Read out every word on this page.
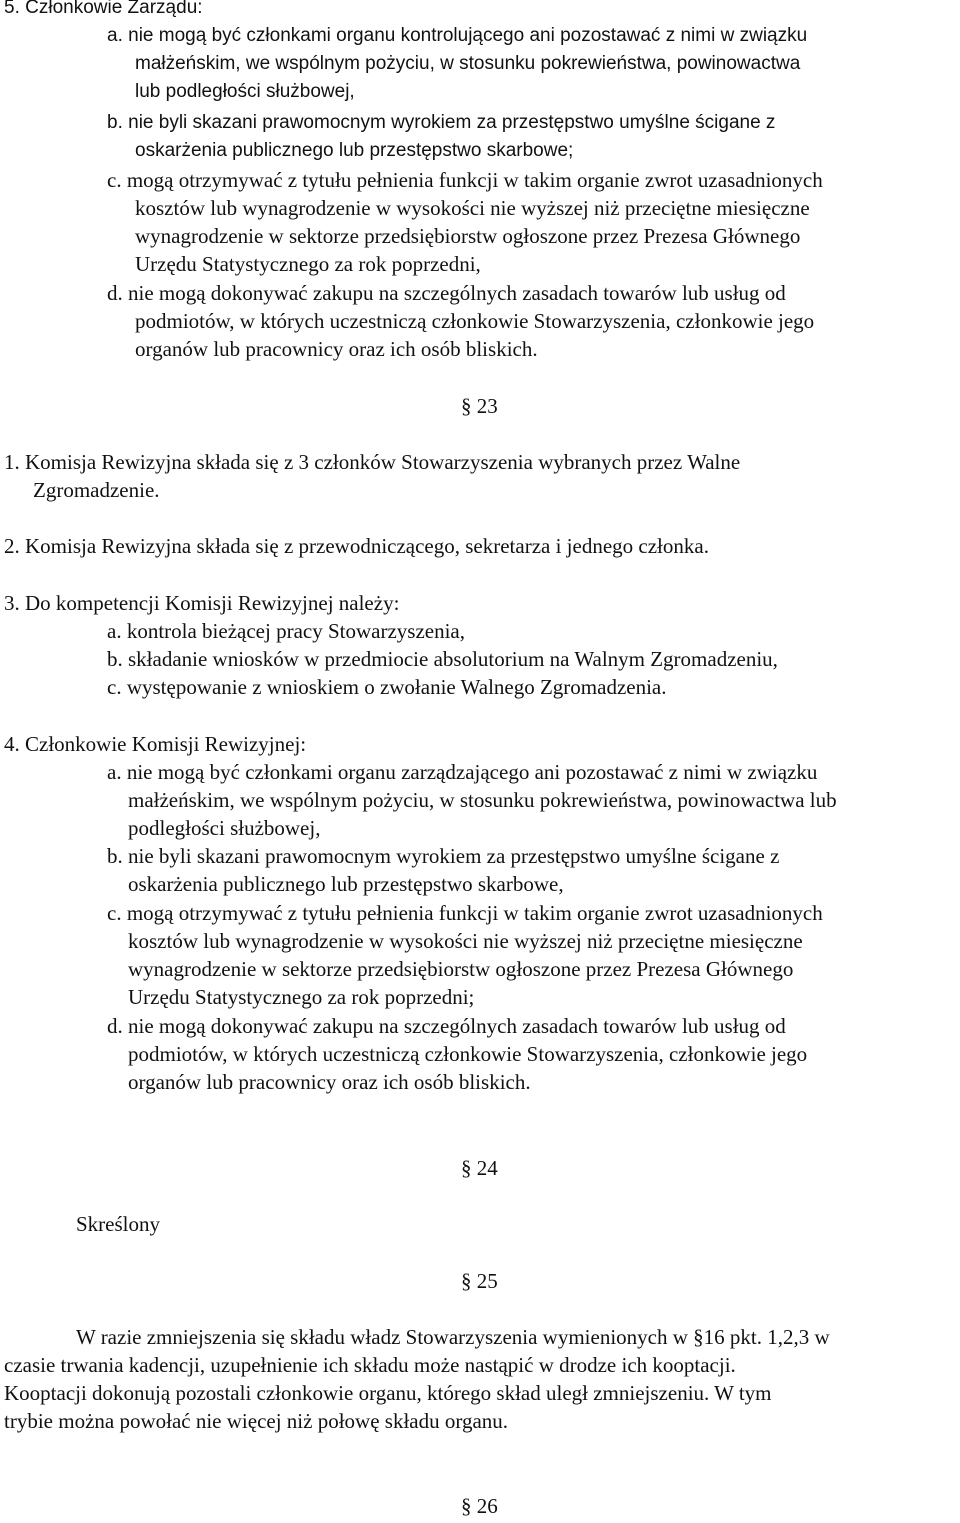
5. Członkowie Zarządu:
a. nie mogą być członkami organu kontrolującego ani pozostawać z nimi w związku
małżeńskim, we wspólnym pożyciu, w stosunku pokrewieństwa, powinowactwa
lub podległości służbowej,
b. nie byli skazani prawomocnym wyrokiem za przestępstwo umyślne ścigane z
oskarżenia publicznego lub przestępstwo skarbowe;
c. mogą otrzymywać z tytułu pełnienia funkcji w takim organie zwrot uzasadnionych
kosztów lub wynagrodzenie w wysokości nie wyższej niż przeciętne miesięczne
wynagrodzenie w sektorze przedsiębiorstw ogłoszone przez Prezesa Głównego
Urzędu Statystycznego za rok poprzedni,
d. nie mogą dokonywać zakupu na szczególnych zasadach towarów lub usług od
podmiotów, w których uczestniczą członkowie Stowarzyszenia, członkowie jego
organów lub pracownicy oraz ich osób bliskich.
§ 23
1. Komisja Rewizyjna składa się z 3 członków Stowarzyszenia wybranych przez Walne
Zgromadzenie.
2. Komisja Rewizyjna składa się z przewodniczącego, sekretarza i jednego członka.
3. Do kompetencji Komisji Rewizyjnej należy:
a. kontrola bieżącej pracy Stowarzyszenia,
b. składanie wniosków w przedmiocie absolutorium na Walnym Zgromadzeniu,
c. występowanie z wnioskiem o zwołanie Walnego Zgromadzenia.
4. Członkowie Komisji Rewizyjnej:
a. nie mogą być członkami organu zarządzającego ani pozostawać z nimi w związku
małżeńskim, we wspólnym pożyciu, w stosunku pokrewieństwa, powinowactwa lub
podległości służbowej,
b. nie byli skazani prawomocnym wyrokiem za przestępstwo umyślne ścigane z
oskarżenia publicznego lub przestępstwo skarbowe,
c. mogą otrzymywać z tytułu pełnienia funkcji w takim organie zwrot uzasadnionych
kosztów lub wynagrodzenie w wysokości nie wyższej niż przeciętne miesięczne
wynagrodzenie w sektorze przedsiębiorstw ogłoszone przez Prezesa Głównego
Urzędu Statystycznego za rok poprzedni;
d. nie mogą dokonywać zakupu na szczególnych zasadach towarów lub usług od
podmiotów, w których uczestniczą członkowie Stowarzyszenia, członkowie jego
organów lub pracownicy oraz ich osób bliskich.
§ 24
Skreślony
§ 25
W razie zmniejszenia się składu władz Stowarzyszenia wymienionych w §16 pkt. 1,2,3 w
czasie trwania kadencji, uzupełnienie ich składu może nastąpić w drodze ich kooptacji.
Kooptacji dokonują pozostali członkowie organu, którego skład uległ zmniejszeniu. W tym
trybie można powołać nie więcej niż połowę składu organu.
§ 26
